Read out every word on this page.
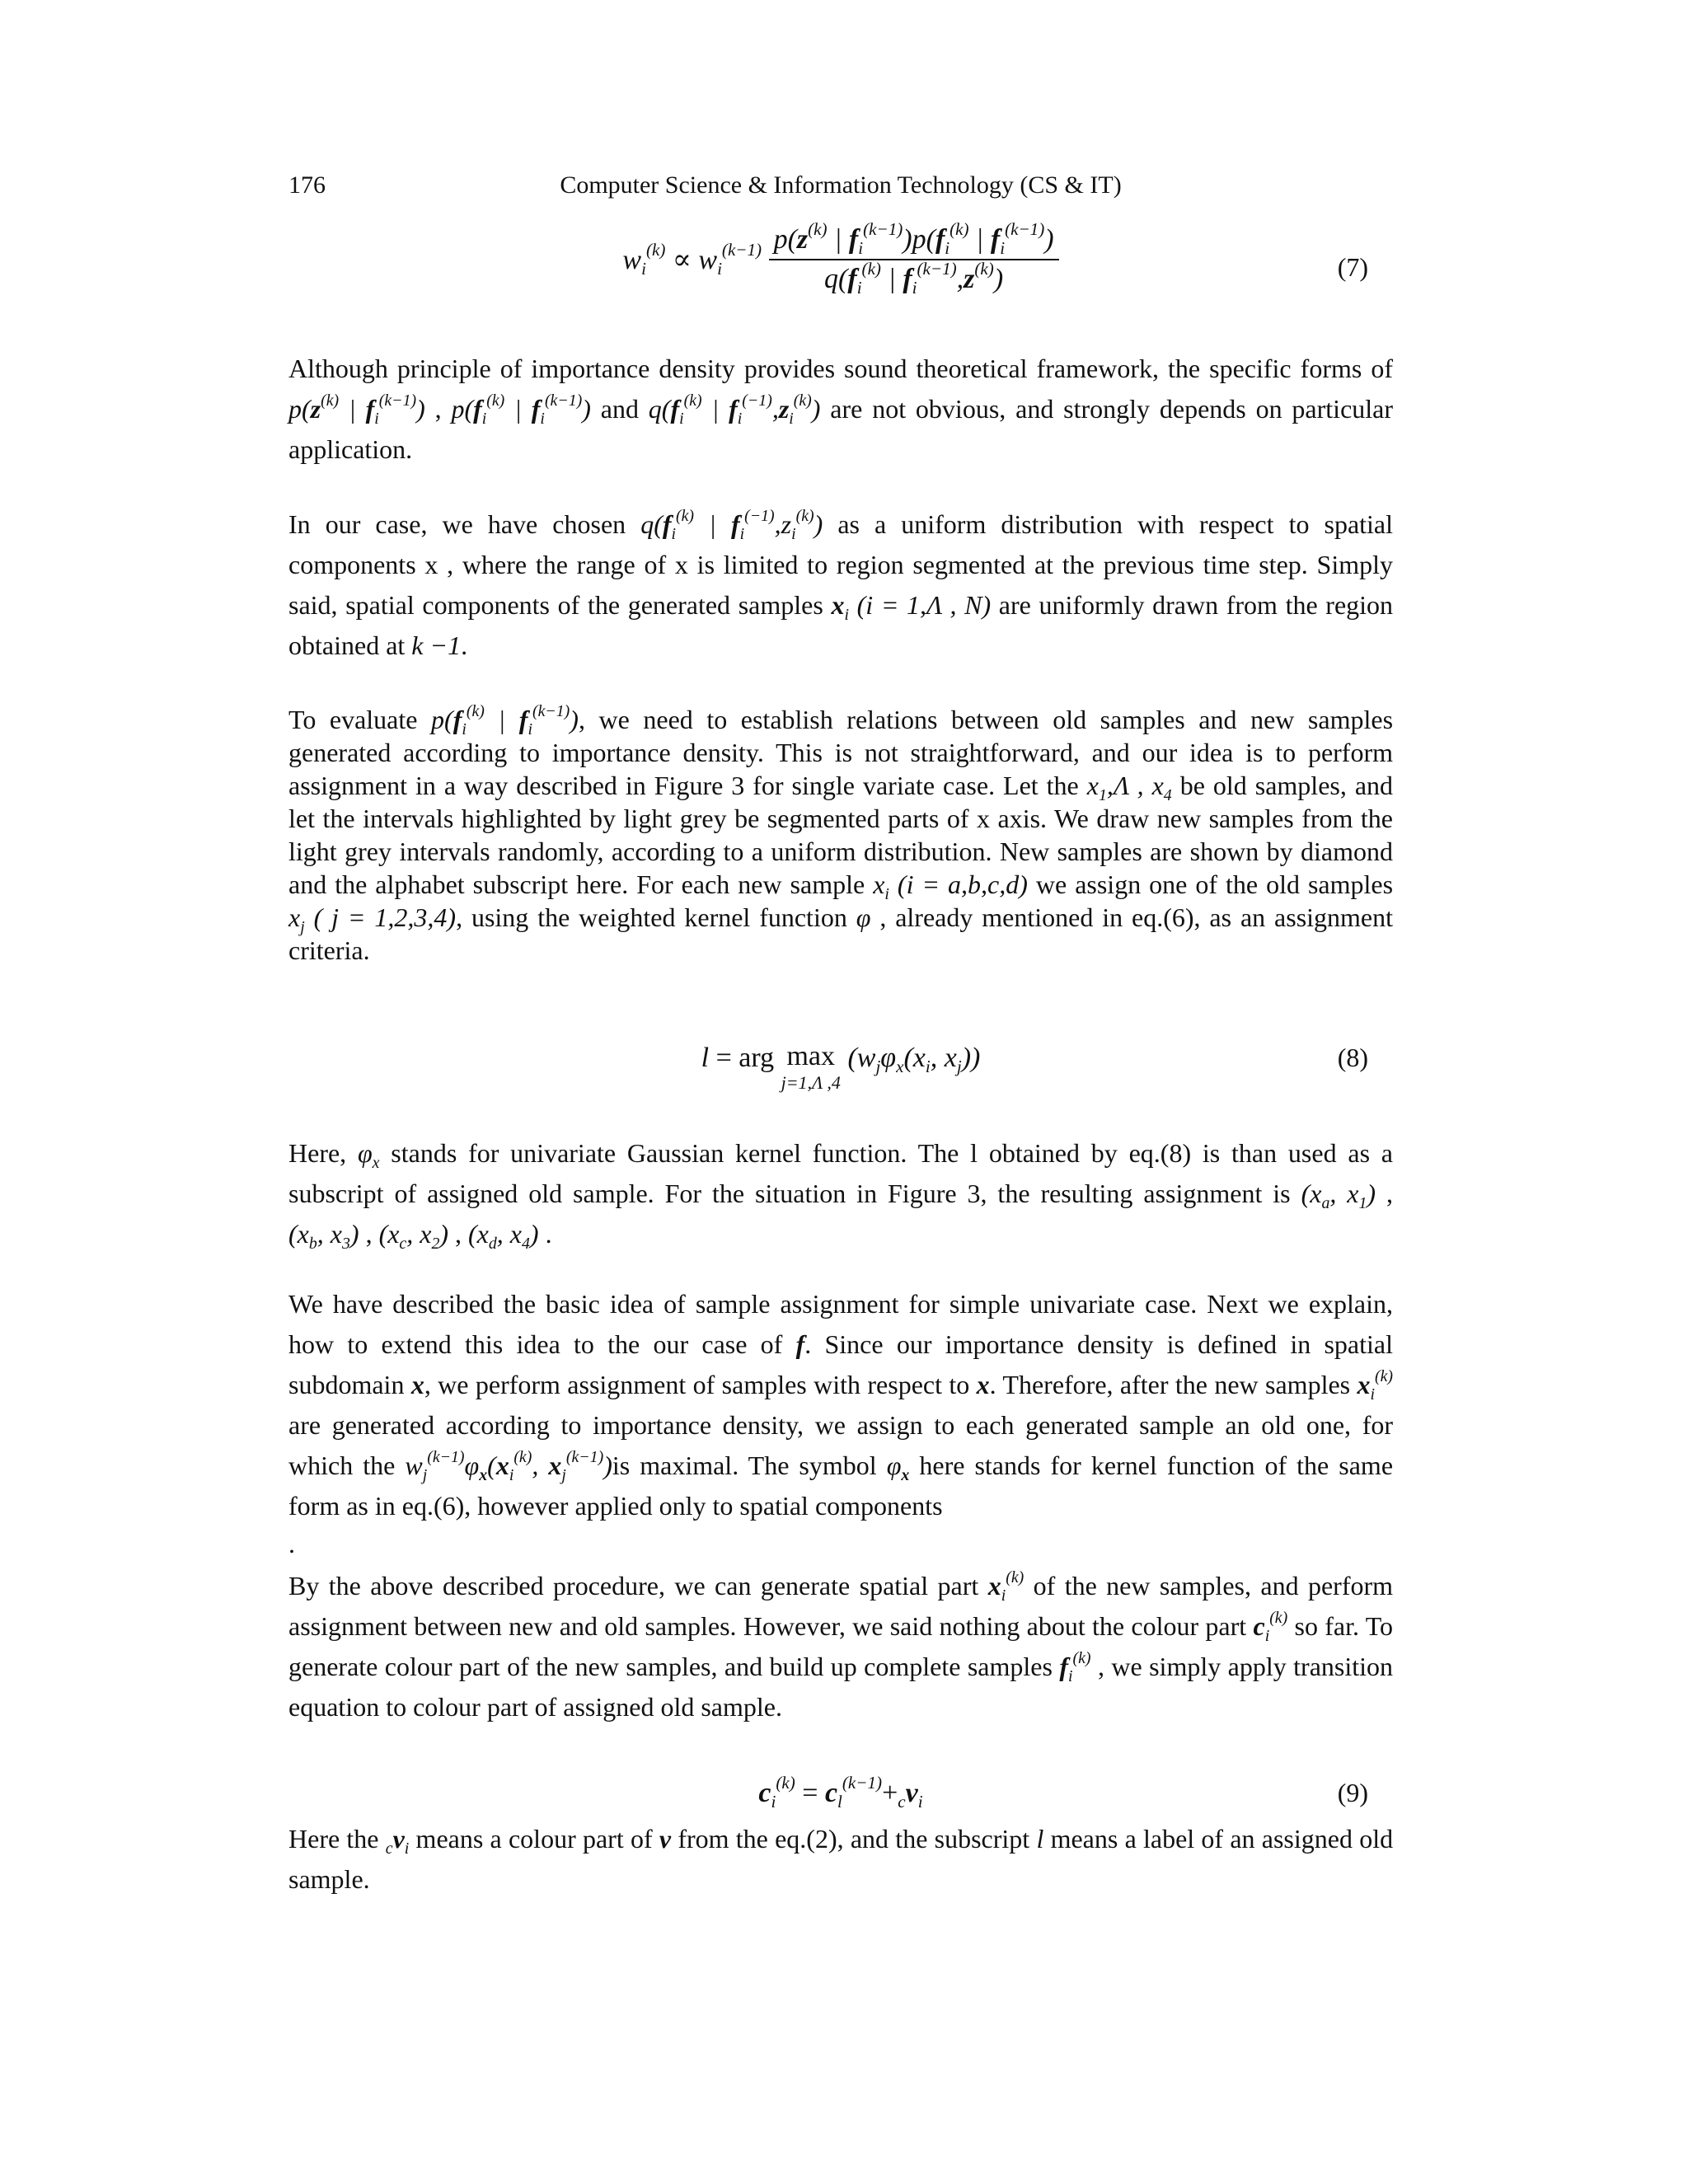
176	Computer Science & Information Technology (CS & IT)
$w_i^{(k)} \propto w_i^{(k-1)} \frac{p(z^{(k)} | f_i^{(k-1)})p(f_i^{(k)} | f_i^{(k-1)})}{q(f_i^{(k)} | f_i^{(k-1)},z^{(k)})}$	(7)
Although principle of importance density provides sound theoretical framework, the specific forms of $p(z^{(k)}$ | $f_i^{(k-1)}$) , $p(f_i^{(k)}$ | $f_i^{(k-1)}$) and $q(f_i^{(k)}$ | $f_i^{(-1)},z_i^{(k)}$) are not obvious, and strongly depends on particular application.
In our case, we have chosen $q(f_i^{(k)}$ | $f_i^{(-1)},z_i^{(k)}$) as a uniform distribution with respect to spatial components x , where the range of x is limited to region segmented at the previous time step. Simply said, spatial components of the generated samples $x_i$ (i = 1,Λ , N) are uniformly drawn from the region obtained at k −1.
To evaluate $p(f_i^{(k)}$ | $f_i^{(k-1)}$), we need to establish relations between old samples and new samples generated according to importance density. This is not straightforward, and our idea is to perform assignment in a way described in Figure 3 for single variate case. Let the $x_1,\Lambda$ , $x_4$ be old samples, and let the intervals highlighted by light grey be segmented parts of x axis. We draw new samples from the light grey intervals randomly, according to a uniform distribution. New samples are shown by diamond and the alphabet subscript here. For each new sample $x_i$ (i = a,b,c,d) we assign one of the old samples $x_j$ ( j = 1,2,3,4), using the weighted kernel function φ , already mentioned in eq.(6), as an assignment criteria.
l = arg max
j=1,Λ ,4
($w_j\varphi_x(x_i$, $x_j$))	(8)
Here, $\varphi_x$ stands for univariate Gaussian kernel function. The l obtained by eq.(8) is than used as a subscript of assigned old sample. For the situation in Figure 3, the resulting assignment is ($x_a$, $x_1$) , ($x_b$, $x_3$) , ($x_c$, $x_2$) , ($x_d$, $x_4$) .
We have described the basic idea of sample assignment for simple univariate case. Next we explain, how to extend this idea to the our case of f. Since our importance density is defined in spatial subdomain x, we perform assignment of samples with respect to x. Therefore, after the new samples $x_i^{(k)}$ are generated according to importance density, we assign to each generated sample an old one, for which the $w_j^{(k-1)}\varphi_x(x_i^{(k)}$, $x_j^{(k-1)})is$ maximal. The symbol $\varphi_x$ here stands for kernel function of the same form as in eq.(6), however applied only to spatial components
.
By the above described procedure, we can generate spatial part $x_i^{(k)}$ of the new samples, and perform assignment between new and old samples. However, we said nothing about the colour part $c_i^{(k)}$ so far. To generate colour part of the new samples, and build up complete samples $f_i^{(k)}$ , we simply apply transition equation to colour part of assigned old sample.
$c_i^{(k)} = c_l^{(k-1)}+_cv_i$	(9)
Here the $_cv_i$ means a colour part of v from the eq.(2), and the subscript l means a label of an assigned old sample.
